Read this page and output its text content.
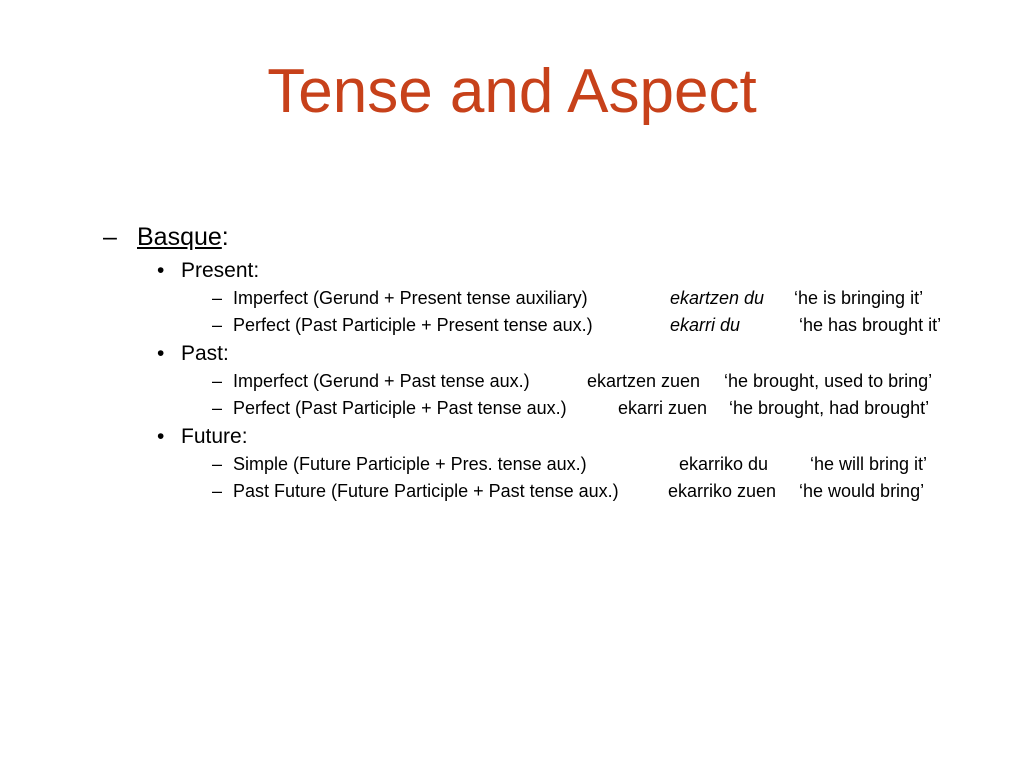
Tense and Aspect
– Basque:
• Present:
– Imperfect (Gerund + Present tense auxiliary)	ekartzen du ‘he is bringing it’
– Perfect (Past Participle + Present tense aux.)	ekarri du	‘he has brought it’
• Past:
– Imperfect (Gerund + Past tense aux.)	ekartzen zuen ‘he brought, used to bring’
– Perfect (Past Participle + Past tense aux.)	ekarri zuen ‘he brought, had brought’
• Future:
– Simple (Future Participle + Pres. tense aux.)	ekarriko du ‘he will bring it’
– Past Future (Future Participle + Past tense aux.)	ekarriko zuen ‘he would bring’
